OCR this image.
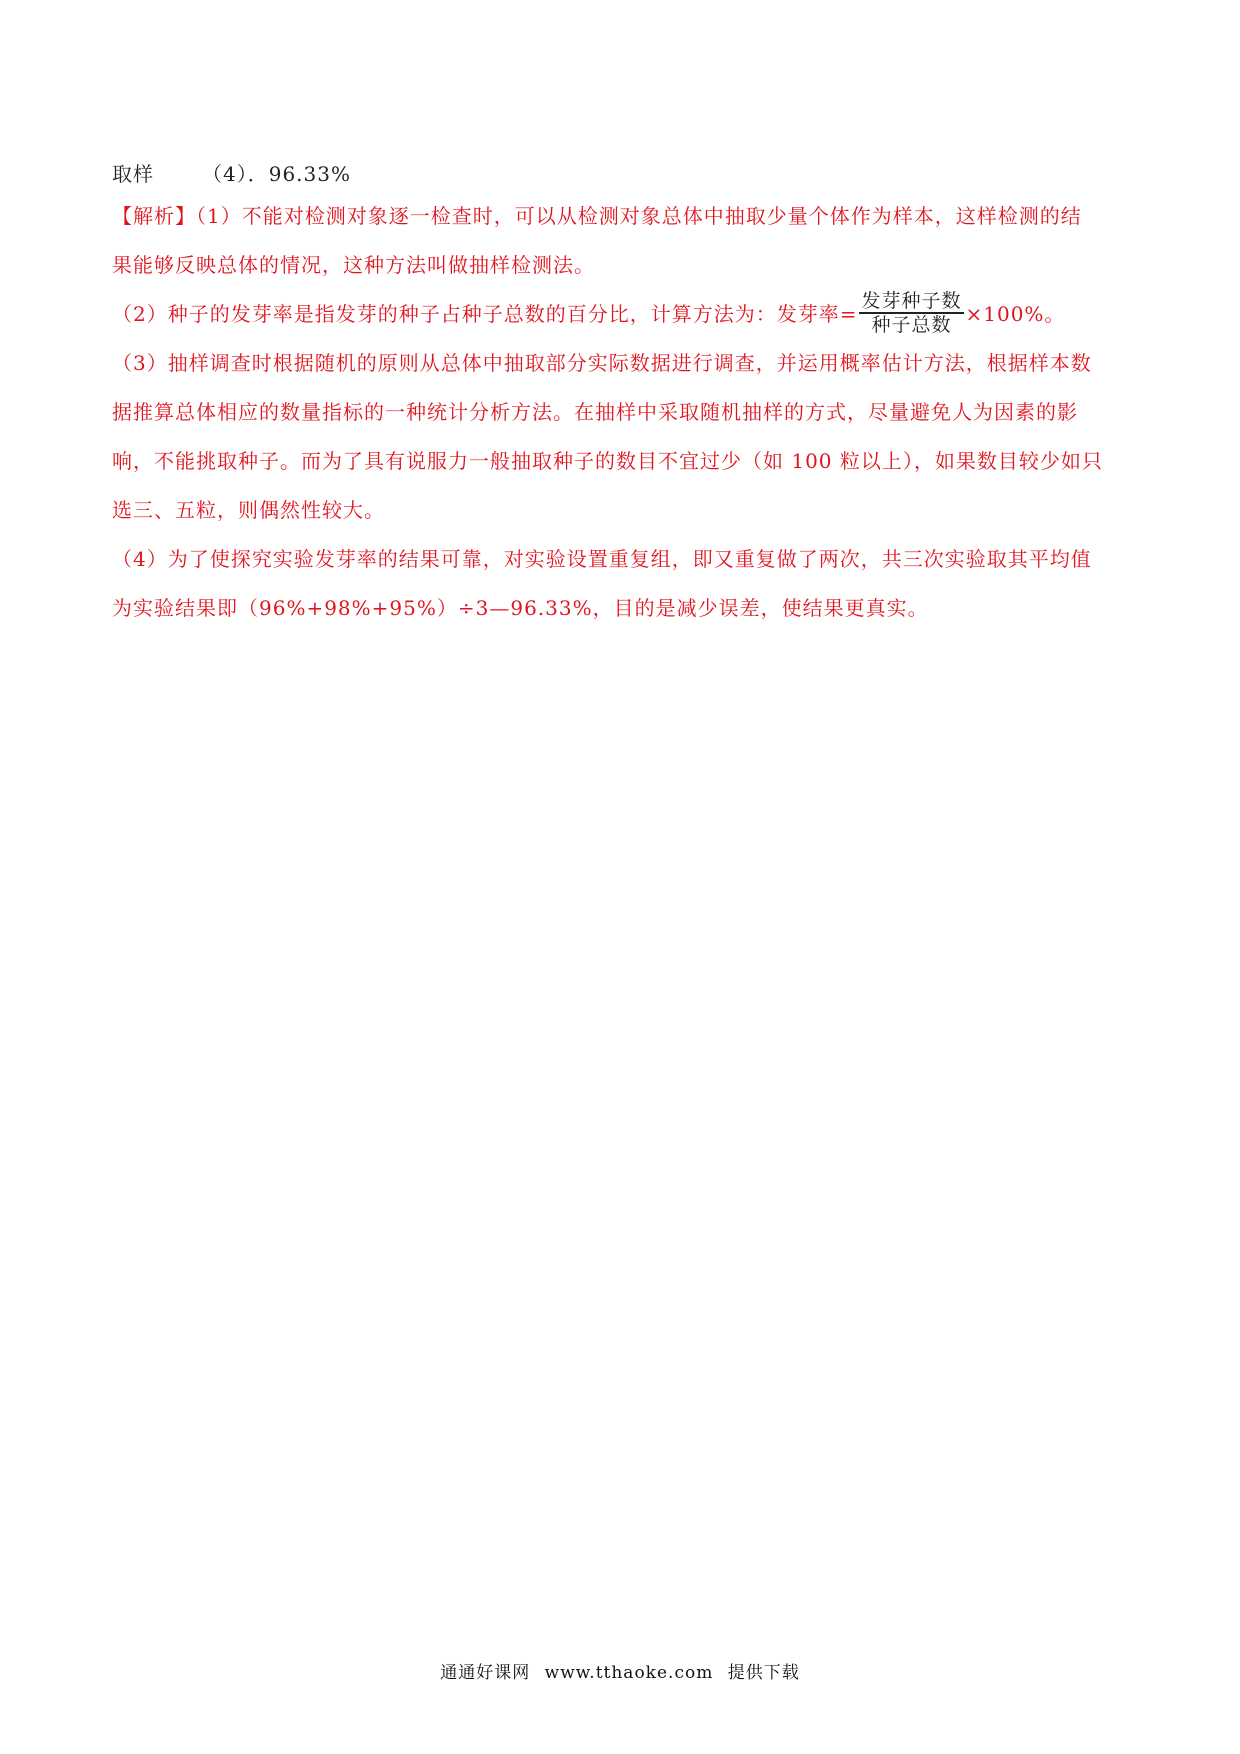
取样 （4）．96.33%
【解析】（1）不能对检测对象逐一检查时，可以从检测对象总体中抽取少量个体作为样本，这样检测的结
果能够反映总体的情况，这种方法叫做抽样检测法。
（2）种子的发芽率是指发芽的种子占种子总数的百分比，计算方法为：发芽率= $\frac{\text{发芽种子数}}{\text{种子总数}} \times 100\%$。
（3）抽样调查时根据随机的原则从总体中抽取部分实际数据进行调查，并运用概率估计方法，根据样本数
据推算总体相应的数量指标的一种统计分析方法。在抽样中采取随机抽样的方式，尽量避免人为因素的影
响，不能挑取种子。而为了具有说服力一般抽取种子的数目不宜过少（如 100 粒以上），如果数目较少如只
选三、五粒，则偶然性较大。
（4）为了使探究实验发芽率的结果可靠，对实验设置重复组，即又重复做了两次，共三次实验取其平均值
为实验结果即（96%+98%+95%）÷3—96.33%，目的是减少误差，使结果更真实。
通通好课网 www.tthaoke.com 提供下载
